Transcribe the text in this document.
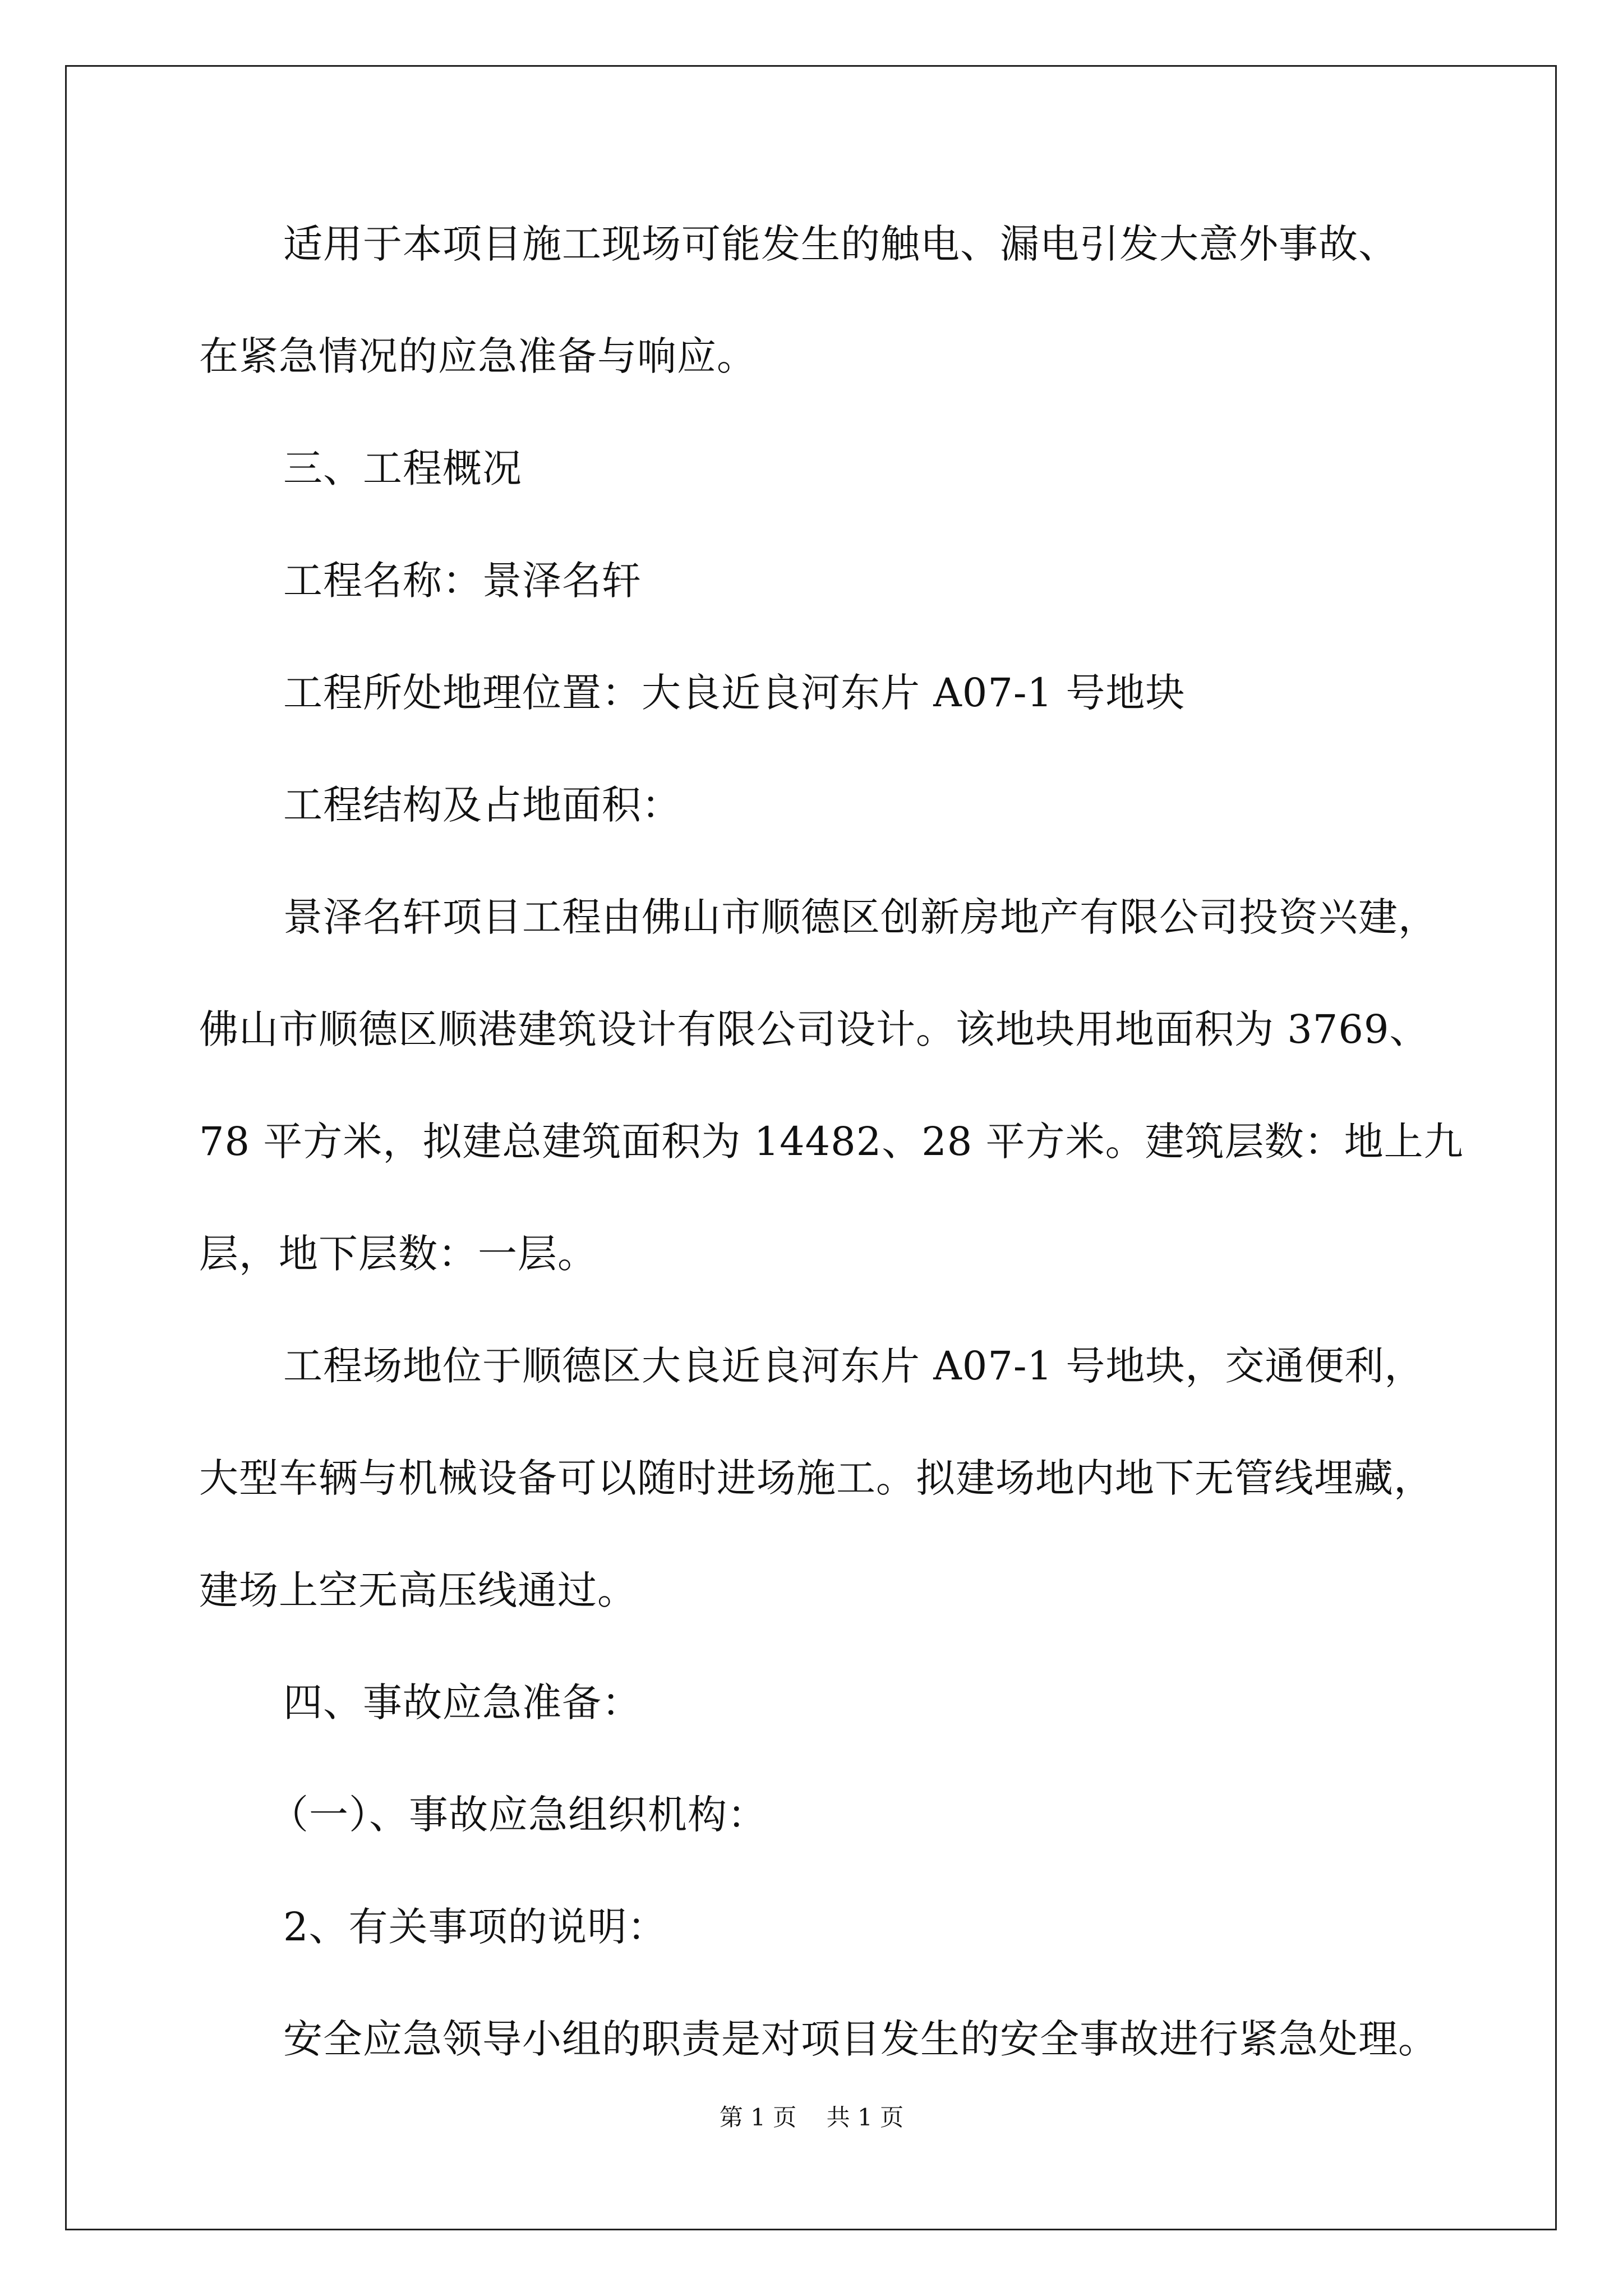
适用于本项目施工现场可能发生的触电、漏电引发大意外事故、
在紧急情况的应急准备与响应。
三、工程概况
工程名称：景泽名轩
工程所处地理位置：大良近良河东片 A07-1 号地块
工程结构及占地面积：
景泽名轩项目工程由佛山市顺德区创新房地产有限公司投资兴建，
佛山市顺德区顺港建筑设计有限公司设计。该地块用地面积为 3769、
78 平方米，拟建总建筑面积为 14482、28 平方米。建筑层数：地上九
层，地下层数：一层。
工程场地位于顺德区大良近良河东片 A07-1 号地块，交通便利，
大型车辆与机械设备可以随时进场施工。拟建场地内地下无管线埋藏，
建场上空无高压线通过。
四、事故应急准备：
（一）、事故应急组织机构：
2、有关事项的说明：
安全应急领导小组的职责是对项目发生的安全事故进行紧急处理。
第 1 页 共 1 页
